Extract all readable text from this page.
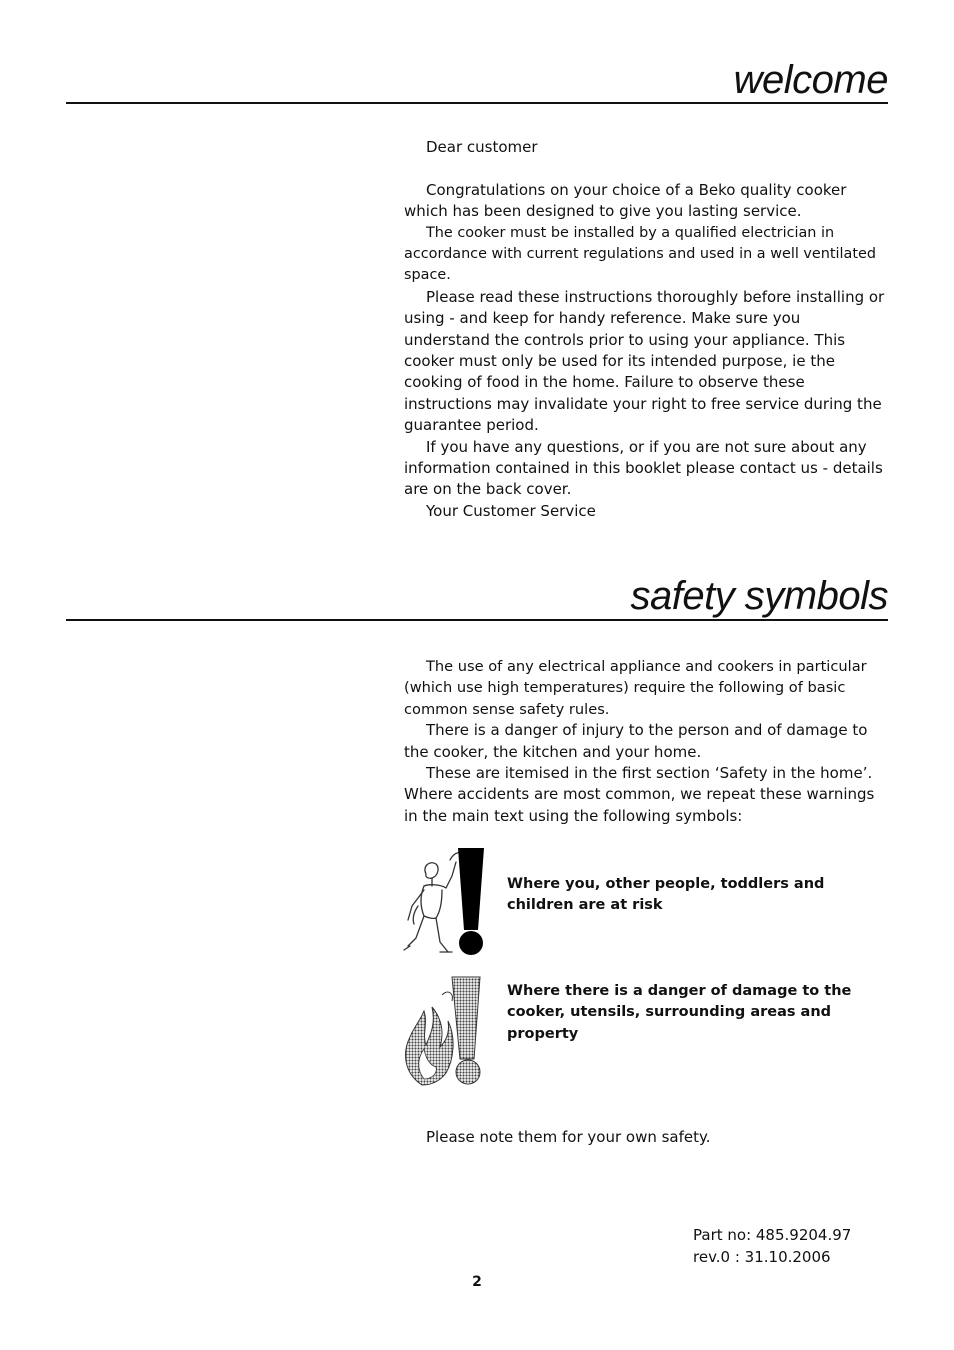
welcome

Dear customer

Congratulations on your choice of a Beko quality cooker which has been designed to give you lasting service.

The cooker must be installed by a qualified electrician in accordance with current regulations and used in a well ventilated space.

Please read these instructions thoroughly before installing or using - and keep for handy reference. Make sure you understand the controls prior to using your appliance. This cooker must only be used for its intended purpose, ie the cooking of food in the home. Failure to observe these instructions may invalidate your right to free service during the guarantee period.

If you have any questions, or if you are not sure about any information contained in this booklet please contact us - details are on the back cover.

Your Customer Service

safety symbols

The use of any electrical appliance and cookers in particular (which use high temperatures) require the following of basic common sense safety rules.

There is a danger of injury to the person and of damage to the cooker, the kitchen and your home.

These are itemised in the first section ‘Safety in the home’. Where accidents are most common, we repeat these warnings in the main text using the following symbols:

Where you, other people, toddlers and children are at risk
Where there is a danger of damage to the cooker, utensils, surrounding areas and property

Please note them for your own safety.

Part no: 485.9204.97
rev.0 : 31.10.2006
2
